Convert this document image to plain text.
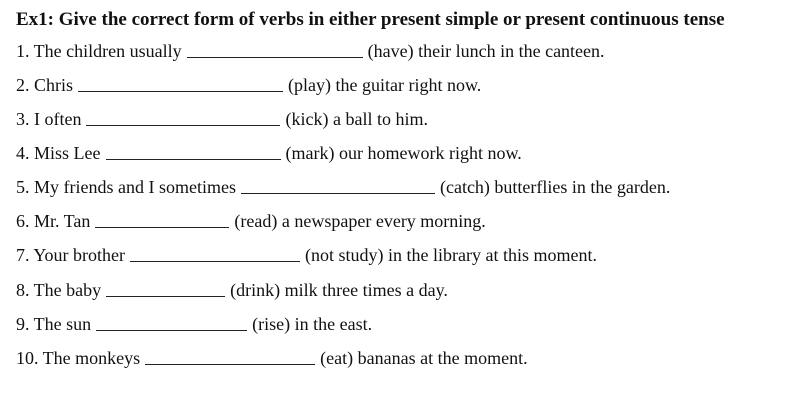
Ex1: Give the correct form of verbs in either present simple or present continuous tense
1. The children usually	(have) their lunch in the canteen.
2. Chris	(play) the guitar right now.
3. I often	(kick) a ball to him.
4. Miss Lee	(mark) our homework right now.
5. My friends and I sometimes	(catch) butterflies in the garden.
6. Mr. Tan	(read) a newspaper every morning.
7. Your brother	(not study) in the library at this moment.
8. The baby	(drink) milk three times a day.
9. The sun	(rise) in the east.
10. The monkeys	(eat) bananas at the moment.
